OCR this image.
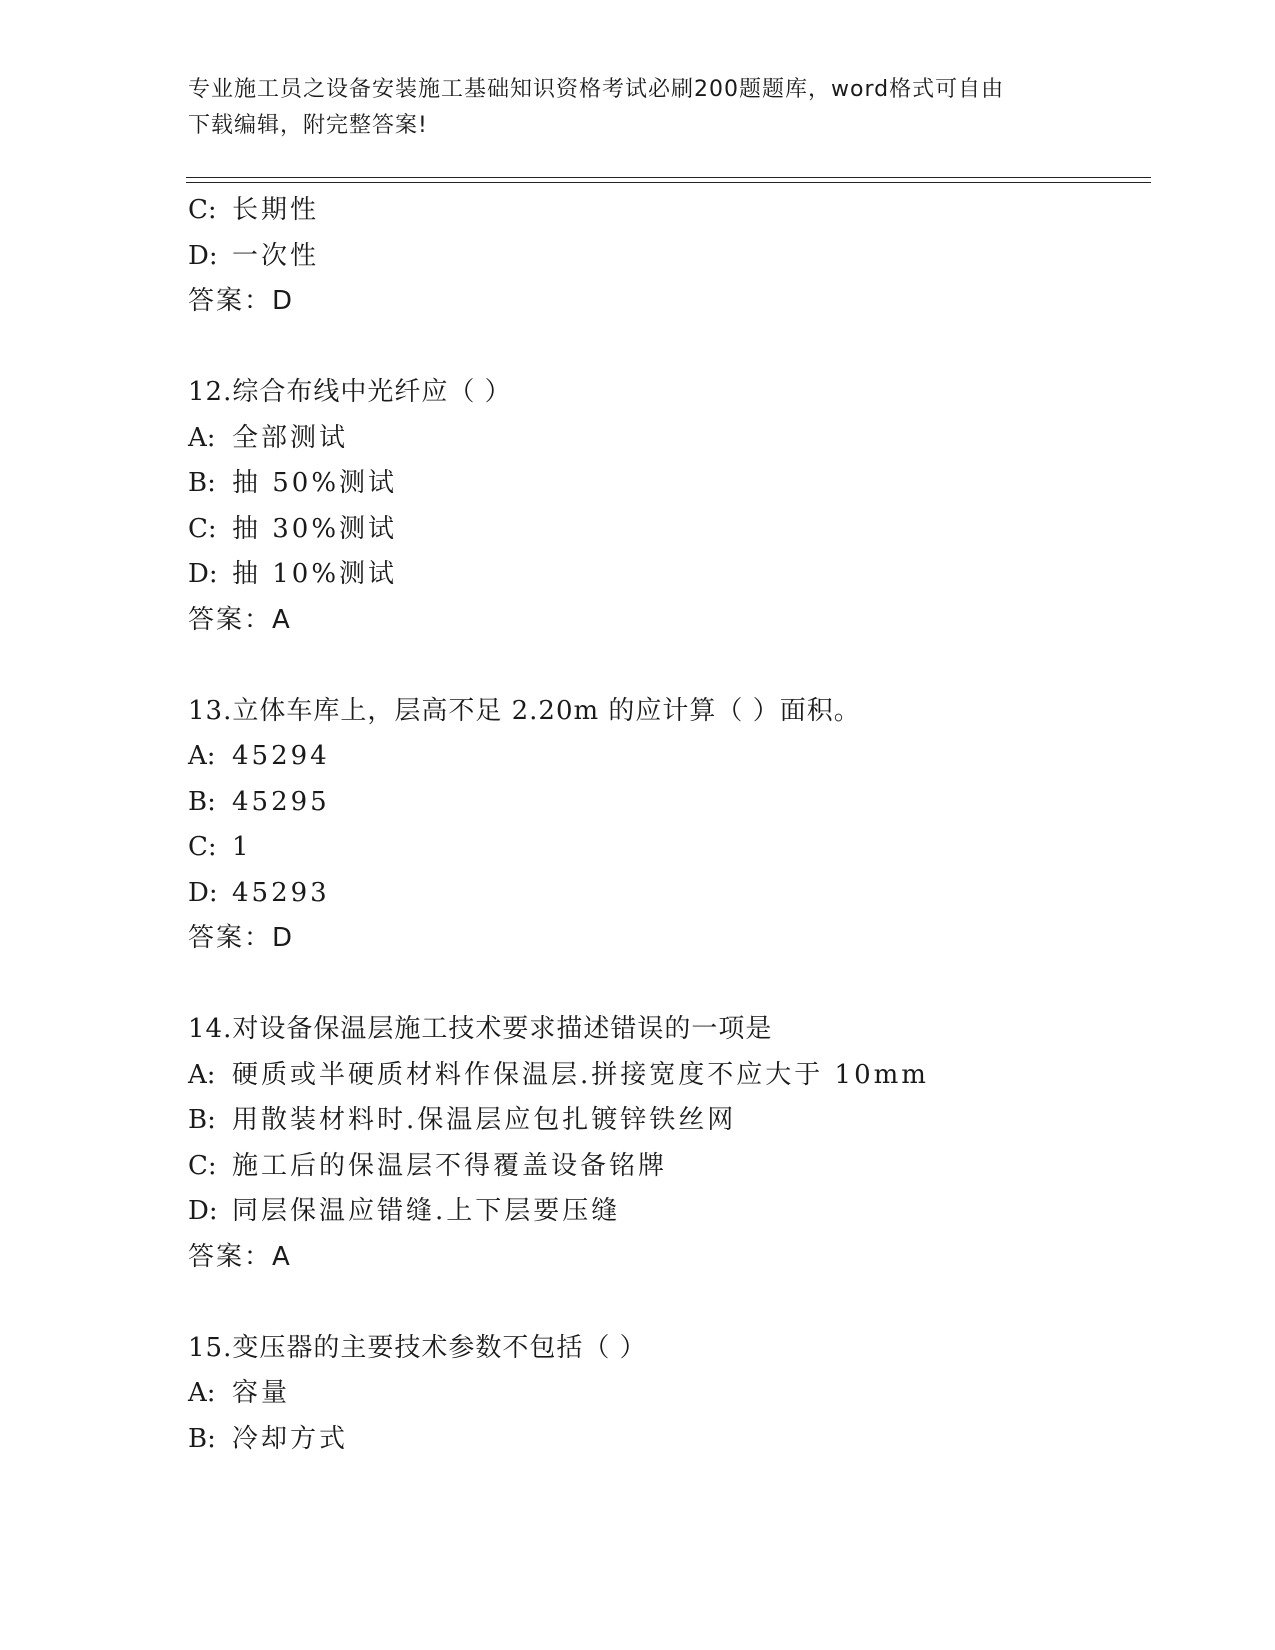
专业施工员之设备安装施工基础知识资格考试必刷200题题库，word格式可自由
下载编辑，附完整答案!
C: 长期性
D: 一次性
答案：D
12.综合布线中光纤应（ ）
A: 全部测试
B: 抽 50%测试
C: 抽 30%测试
D: 抽 10%测试
答案：A
13.立体车库上，层高不足 2.20m 的应计算（ ）面积。
A: 45294
B: 45295
C: 1
D: 45293
答案：D
14.对设备保温层施工技术要求描述错误的一项是
A: 硬质或半硬质材料作保温层.拼接宽度不应大于 10mm
B: 用散装材料时.保温层应包扎镀锌铁丝网
C: 施工后的保温层不得覆盖设备铭牌
D: 同层保温应错缝.上下层要压缝
答案：A
15.变压器的主要技术参数不包括（ ）
A: 容量
B: 冷却方式
